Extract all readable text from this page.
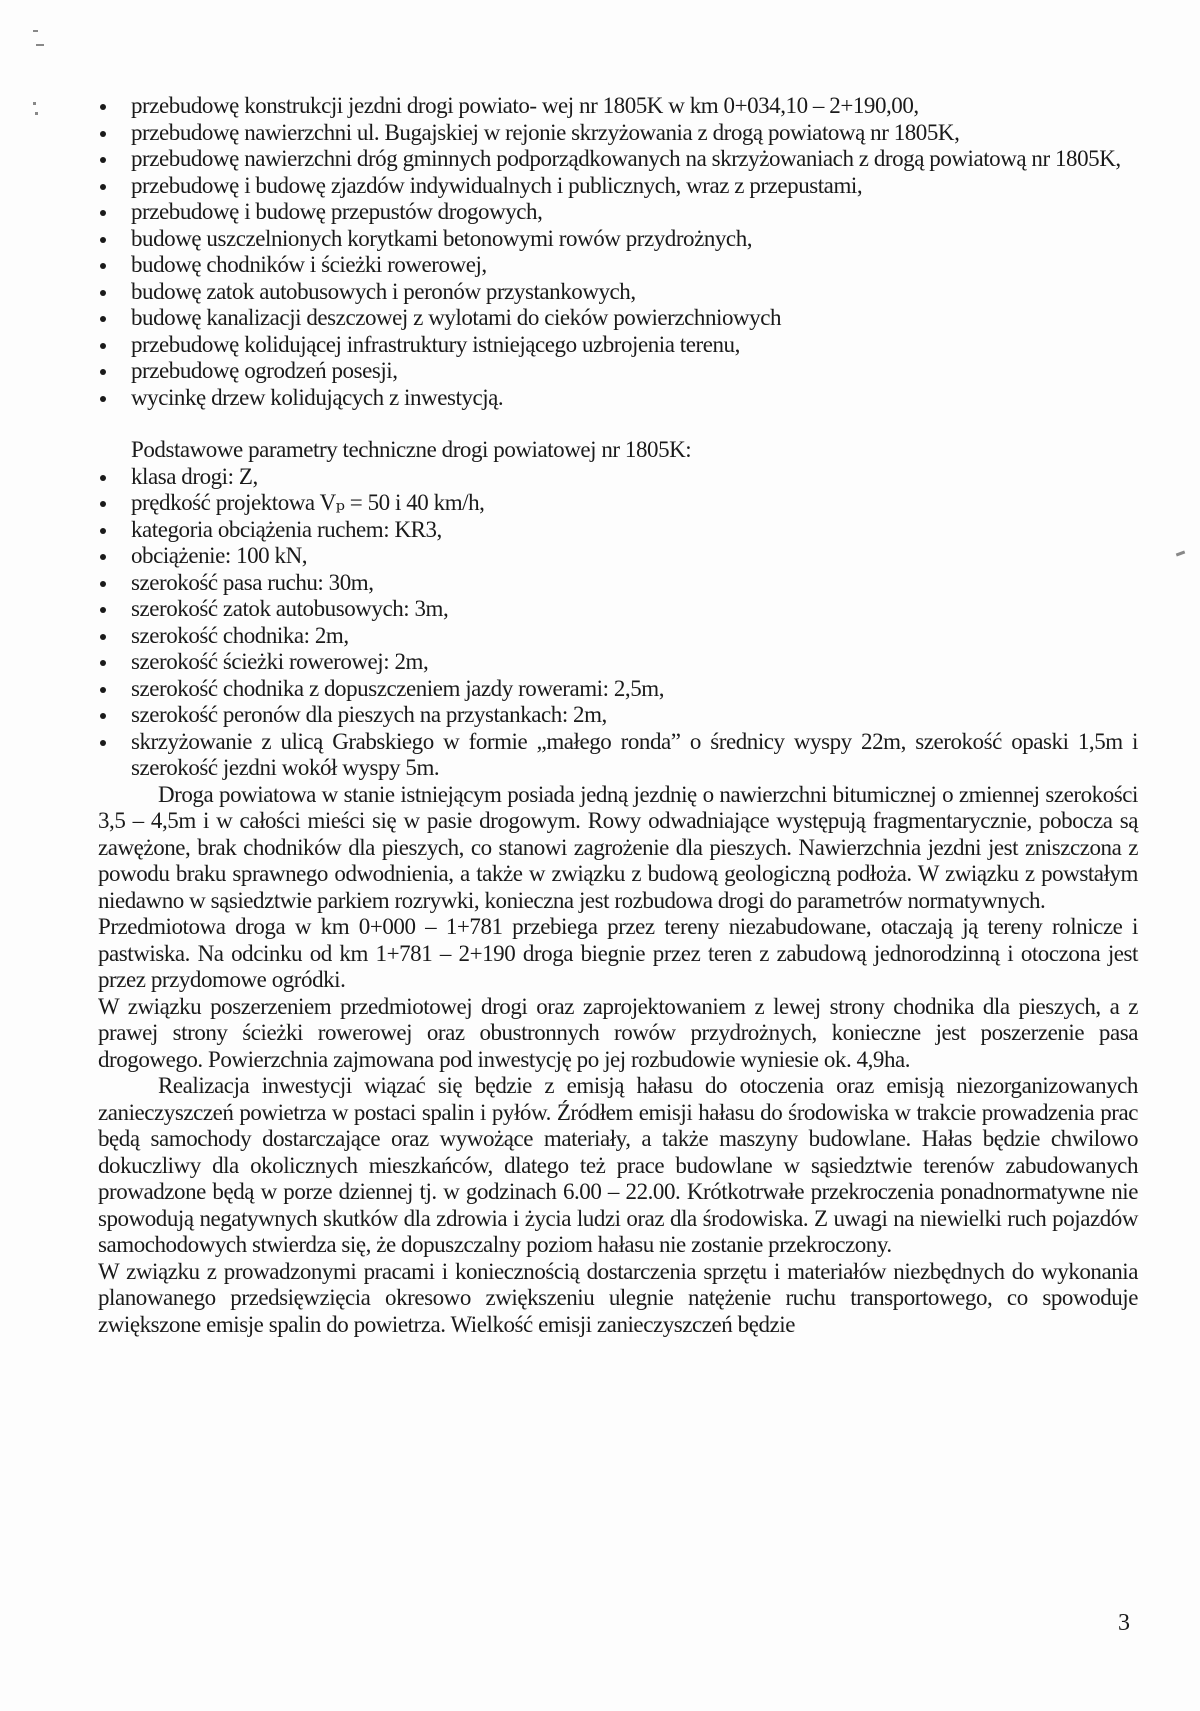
przebudowę konstrukcji jezdni drogi powiato- wej nr 1805K w km 0+034,10 – 2+190,00,
przebudowę nawierzchni ul. Bugajskiej w rejonie skrzyżowania z drogą powiatową nr 1805K,
przebudowę nawierzchni dróg gminnych podporządkowanych na skrzyżowaniach z drogą powiatową nr 1805K,
przebudowę i budowę zjazdów indywidualnych i publicznych, wraz z przepustami,
przebudowę i budowę przepustów drogowych,
budowę uszczelnionych korytkami betonowymi rowów przydrożnych,
budowę chodników i ścieżki rowerowej,
budowę zatok autobusowych i peronów przystankowych,
budowę kanalizacji deszczowej z wylotami do cieków powierzchniowych
przebudowę kolidującej infrastruktury istniejącego uzbrojenia terenu,
przebudowę ogrodzeń posesji,
wycinkę drzew kolidujących z inwestycją.
Podstawowe parametry techniczne drogi powiatowej nr 1805K:
klasa drogi: Z,
prędkość projektowa Vₚ = 50 i 40 km/h,
kategoria obciążenia ruchem: KR3,
obciążenie: 100 kN,
szerokość pasa ruchu: 30m,
szerokość zatok autobusowych: 3m,
szerokość chodnika: 2m,
szerokość ścieżki rowerowej: 2m,
szerokość chodnika z dopuszczeniem jazdy rowerami: 2,5m,
szerokość peronów dla pieszych na przystankach: 2m,
skrzyżowanie z ulicą Grabskiego w formie „małego ronda” o średnicy wyspy 22m, szerokość opaski 1,5m i szerokość jezdni wokół wyspy 5m.

Droga powiatowa w stanie istniejącym posiada jedną jezdnię o nawierzchni bitumicznej o zmiennej szerokości 3,5 – 4,5m i w całości mieści się w pasie drogowym. Rowy odwadniające występują fragmentarycznie, pobocza są zawężone, brak chodników dla pieszych, co stanowi zagrożenie dla pieszych. Nawierzchnia jezdni jest zniszczona z powodu braku sprawnego odwodnienia, a także w związku z budową geologiczną podłoża. W związku z powstałym niedawno w sąsiedztwie parkiem rozrywki, konieczna jest rozbudowa drogi do parametrów normatywnych.

Przedmiotowa droga w km 0+000 – 1+781 przebiega przez tereny niezabudowane, otaczają ją tereny rolnicze i pastwiska. Na odcinku od km 1+781 – 2+190 droga biegnie przez teren z zabudową jednorodzinną i otoczona jest przez przydomowe ogródki.

W związku poszerzeniem przedmiotowej drogi oraz zaprojektowaniem z lewej strony chodnika dla pieszych, a z prawej strony ścieżki rowerowej oraz obustronnych rowów przydrożnych, konieczne jest poszerzenie pasa drogowego. Powierzchnia zajmowana pod inwestycję po jej rozbudowie wyniesie ok. 4,9ha.

Realizacja inwestycji wiązać się będzie z emisją hałasu do otoczenia oraz emisją niezorganizowanych zanieczyszczeń powietrza w postaci spalin i pyłów. Źródłem emisji hałasu do środowiska w trakcie prowadzenia prac będą samochody dostarczające oraz wywożące materiały, a także maszyny budowlane. Hałas będzie chwilowo dokuczliwy dla okolicznych mieszkańców, dlatego też prace budowlane w sąsiedztwie terenów zabudowanych prowadzone będą w porze dziennej tj. w godzinach 6.00 – 22.00. Krótkotrwałe przekroczenia ponadnormatywne nie spowodują negatywnych skutków dla zdrowia i życia ludzi oraz dla środowiska. Z uwagi na niewielki ruch pojazdów samochodowych stwierdza się, że dopuszczalny poziom hałasu nie zostanie przekroczony.

W związku z prowadzonymi pracami i koniecznością dostarczenia sprzętu i materiałów niezbędnych do wykonania planowanego przedsięwzięcia okresowo zwiększeniu ulegnie natężenie ruchu transportowego, co spowoduje zwiększone emisje spalin do powietrza. Wielkość emisji zanieczyszczeń będzie

3
